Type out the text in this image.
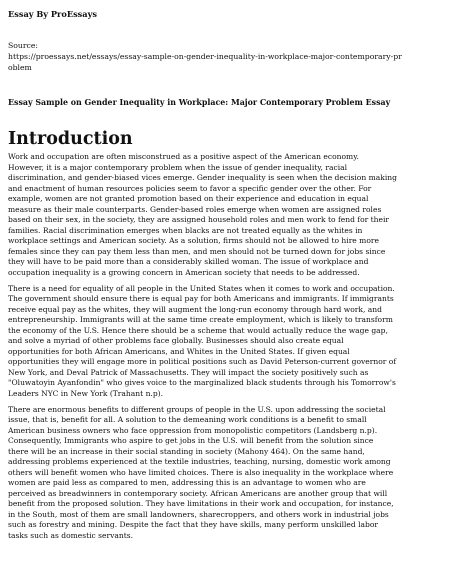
Essay By ProEssays
Source:
https://proessays.net/essays/essay-sample-on-gender-inequality-in-workplace-major-contemporary-pr
oblem
Essay Sample on Gender Inequality in Workplace: Major Contemporary Problem Essay
Introduction

Work and occupation are often misconstrued as a positive aspect of the American economy.
However, it is a major contemporary problem when the issue of gender inequality, racial
discrimination, and gender-biased vices emerge. Gender inequality is seen when the decision making
and enactment of human resources policies seem to favor a specific gender over the other. For
example, women are not granted promotion based on their experience and education in equal
measure as their male counterparts. Gender-based roles emerge when women are assigned roles
based on their sex, in the society, they are assigned household roles and men work to fend for their
families. Racial discrimination emerges when blacks are not treated equally as the whites in
workplace settings and American society. As a solution, firms should not be allowed to hire more
females since they can pay them less than men, and men should not be turned down for jobs since
they will have to be paid more than a considerably skilled woman. The issue of workplace and
occupation inequality is a growing concern in American society that needs to be addressed.

There is a need for equality of all people in the United States when it comes to work and occupation.
The government should ensure there is equal pay for both Americans and immigrants. If immigrants
receive equal pay as the whites, they will augment the long-run economy through hard work, and
entrepreneurship. Immigrants will at the same time create employment, which is likely to transform
the economy of the U.S. Hence there should be a scheme that would actually reduce the wage gap,
and solve a myriad of other problems face globally. Businesses should also create equal
opportunities for both African Americans, and Whites in the United States. If given equal
opportunities they will engage more in political positions such as David Peterson-current governor of
New York, and Deval Patrick of Massachusetts. They will impact the society positively such as
"Oluwatoyin Ayanfondin" who gives voice to the marginalized black students through his Tomorrow's
Leaders NYC in New York (Trahant n.p).

There are enormous benefits to different groups of people in the U.S. upon addressing the societal
issue, that is, benefit for all. A solution to the demeaning work conditions is a benefit to small
American business owners who face oppression from monopolistic competitors (Landsberg n.p).
Consequently, Immigrants who aspire to get jobs in the U.S. will benefit from the solution since
there will be an increase in their social standing in society (Mahony 464). On the same hand,
addressing problems experienced at the textile industries, teaching, nursing, domestic work among
others will benefit women who have limited choices. There is also inequality in the workplace where
women are paid less as compared to men, addressing this is an advantage to women who are
perceived as breadwinners in contemporary society. African Americans are another group that will
benefit from the proposed solution. They have limitations in their work and occupation, for instance,
in the South, most of them are small landowners, sharecroppers, and others work in industrial jobs
such as forestry and mining. Despite the fact that they have skills, many perform unskilled labor
tasks such as domestic servants.
